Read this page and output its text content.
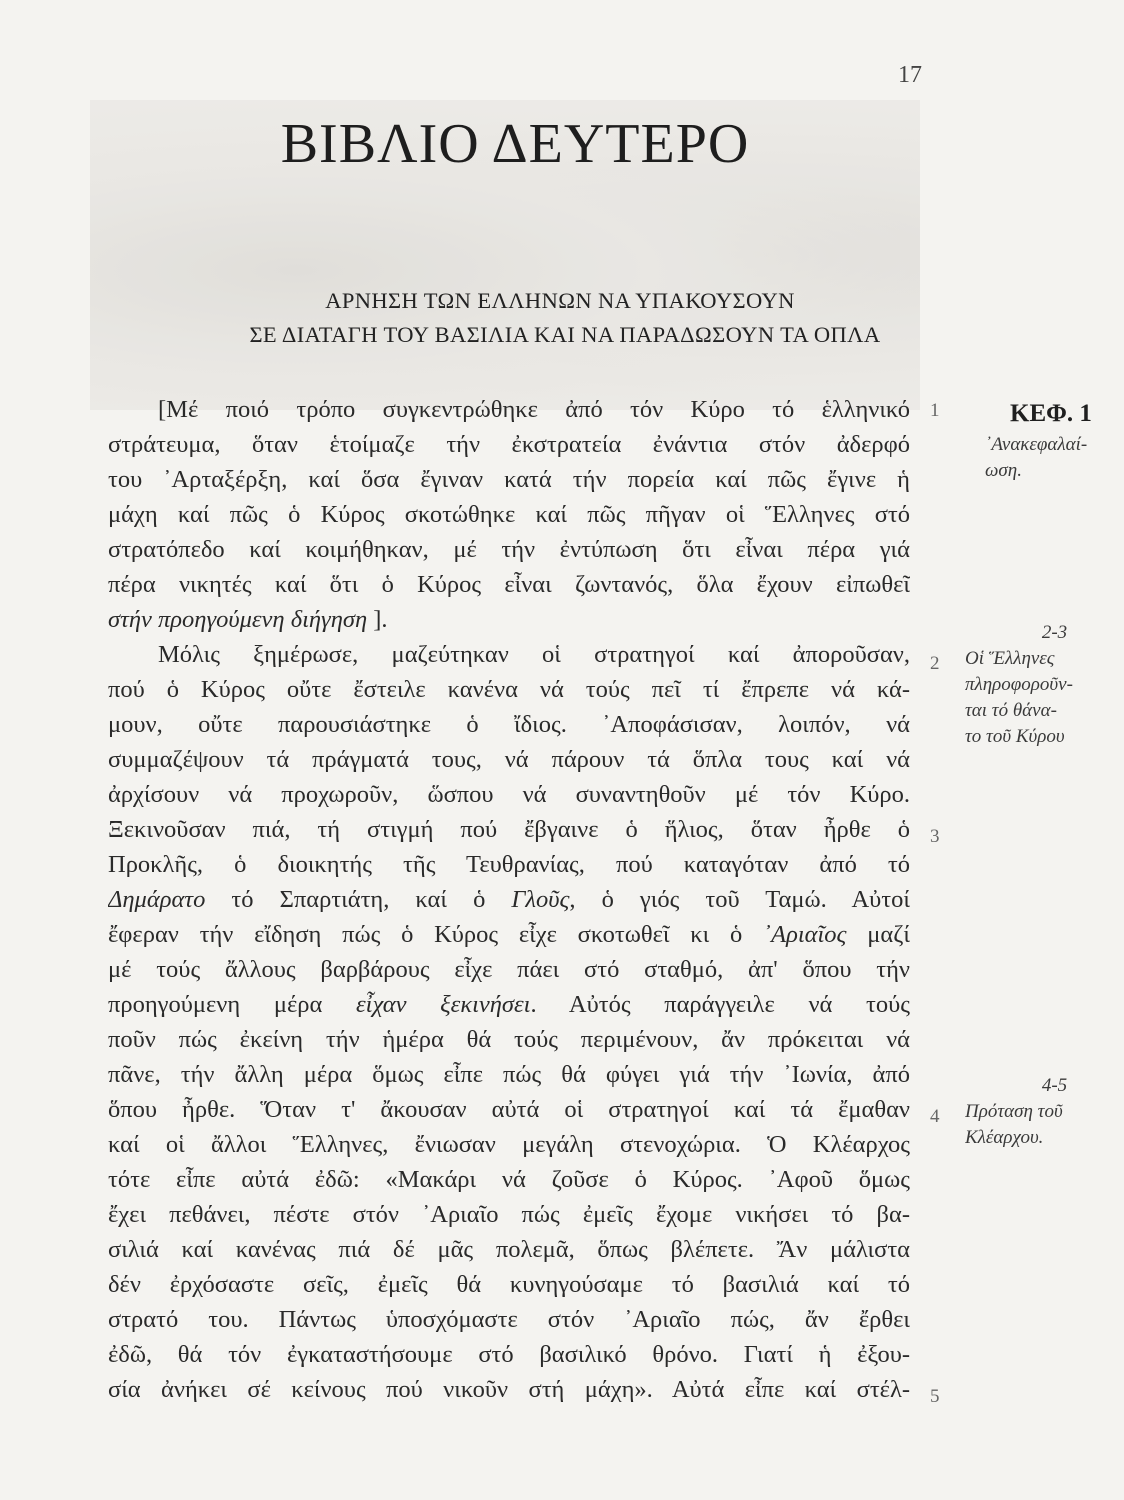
17
ΒΙΒΛΙΟ ΔΕΥΤΕΡΟ
ΑΡΝΗΣΗ ΤΩΝ ΕΛΛΗΝΩΝ ΝΑ ΥΠΑΚΟΥΣΟΥΝ
ΣΕ ΔΙΑΤΑΓΗ ΤΟΥ ΒΑΣΙΛΙΑ ΚΑΙ ΝΑ ΠΑΡΑΔΩΣΟΥΝ ΤΑ ΟΠΛΑ
[Μέ ποιό τρόπο συγκεντρώθηκε ἀπό τόν Κύρο τό ἑλληνικό
στράτευμα, ὅταν ἑτοίμαζε τήν ἐκστρατεία ἐνάντια στόν ἀδερφό
του ᾿Αρταξέρξη, καί ὅσα ἔγιναν κατά τήν πορεία καί πῶς ἔγινε ἡ
μάχη καί πῶς ὁ Κύρος σκοτώθηκε καί πῶς πῆγαν οἱ Ἕλληνες στό
στρατόπεδο καί κοιμήθηκαν, μέ τήν ἐντύπωση ὅτι εἶναι πέρα γιά
πέρα νικητές καί ὅτι ὁ Κύρος εἶναι ζωντανός, ὅλα ἔχουν εἰπωθεῖ
στήν προηγούμενη διήγηση ].
Μόλις ξημέρωσε, μαζεύτηκαν οἱ στρατηγοί καί ἀποροῦσαν,
πού ὁ Κύρος οὔτε ἔστειλε κανένα νά τούς πεῖ τί ἔπρεπε νά κά-
μουν, οὔτε παρουσιάστηκε ὁ ἴδιος. ᾿Αποφάσισαν, λοιπόν, νά
συμμαζέψουν τά πράγματά τους, νά πάρουν τά ὅπλα τους καί νά
ἀρχίσουν νά προχωροῦν, ὥσπου νά συναντηθοῦν μέ τόν Κύρο.
Ξεκινοῦσαν πιά, τή στιγμή πού ἔβγαινε ὁ ἥλιος, ὅταν ἦρθε ὁ
Προκλῆς, ὁ διοικητής τῆς Τευθρανίας, πού καταγόταν ἀπό τό
Δημάρατο τό Σπαρτιάτη, καί ὁ Γλοῦς, ὁ γιός τοῦ Ταμώ. Αὐτοί
ἔφεραν τήν εἴδηση πώς ὁ Κύρος εἶχε σκοτωθεῖ κι ὁ ᾿Αριαῖος μαζί
μέ τούς ἄλλους βαρβάρους εἶχε πάει στό σταθμό, ἀπ' ὅπου τήν
προηγούμενη μέρα εἶχαν ξεκινήσει. Αὐτός παράγγειλε νά τούς
ποῦν πώς ἐκείνη τήν ἡμέρα θά τούς περιμένουν, ἄν πρόκειται νά
πᾶνε, τήν ἄλλη μέρα ὅμως εἶπε πώς θά φύγει γιά τήν ᾿Ιωνία, ἀπό
ὅπου ἦρθε. Ὅταν τ' ἄκουσαν αὐτά οἱ στρατηγοί καί τά ἔμαθαν
καί οἱ ἄλλοι Ἕλληνες, ἔνιωσαν μεγάλη στενοχώρια. Ὁ Κλέαρχος
τότε εἶπε αὐτά ἐδῶ: «Μακάρι νά ζοῦσε ὁ Κύρος. ᾿Αφοῦ ὅμως
ἔχει πεθάνει, πέστε στόν ᾿Αριαῖο πώς ἐμεῖς ἔχομε νικήσει τό βα-
σιλιά καί κανένας πιά δέ μᾶς πολεμᾶ, ὅπως βλέπετε. Ἄν μάλιστα
δέν ἐρχόσαστε σεῖς, ἐμεῖς θά κυνηγούσαμε τό βασιλιά καί τό
στρατό του. Πάντως ὑποσχόμαστε στόν ᾿Αριαῖο πώς, ἄν ἔρθει
ἐδῶ, θά τόν ἐγκαταστήσουμε στό βασιλικό θρόνο. Γιατί ἡ ἐξου-
σία ἀνήκει σέ κείνους πού νικοῦν στή μάχη». Αὐτά εἶπε καί στέλ-
1
2
3
4
5
ΚΕΦ. 1
᾿Ανακεφαλαί-
ωση.
2-3
Οἱ Ἕλληνες
πληροφοροῦν-
ται τό θάνα-
το τοῦ Κύρου
4-5
Πρόταση τοῦ
Κλέαρχου.
